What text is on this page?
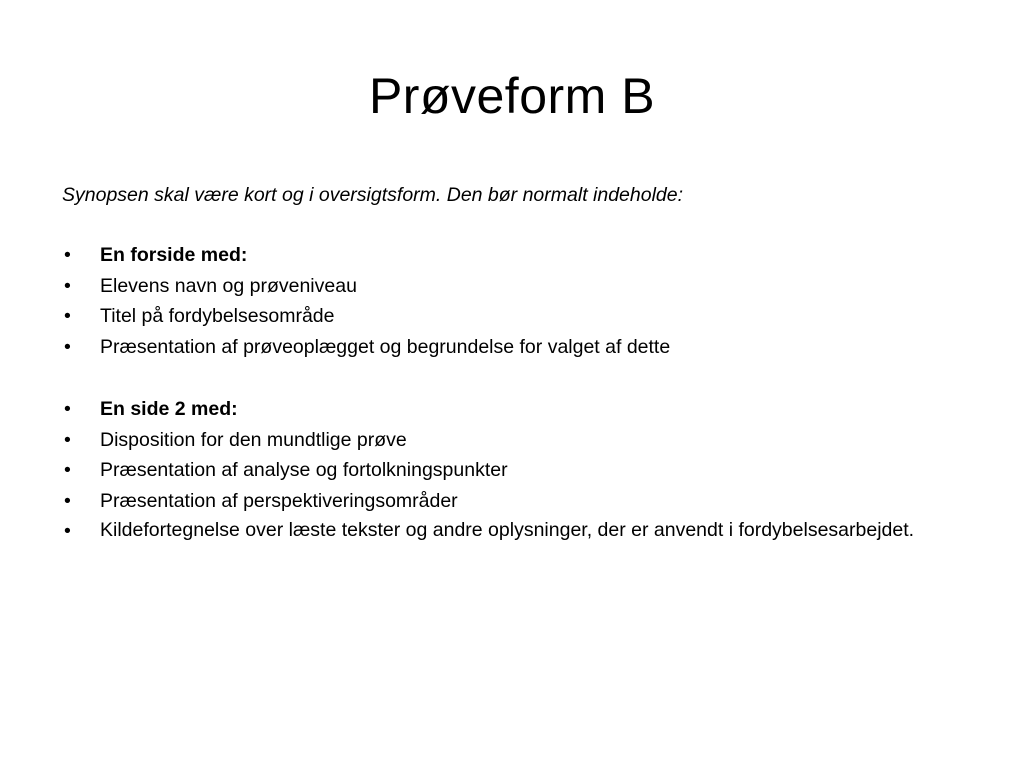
Prøveform B

Synopsen skal være kort og i oversigtsform. Den bør normalt indeholde:

•	En forside med:
•	Elevens navn og prøveniveau
•	Titel på fordybelsesområde
•	Præsentation af prøveoplægget og begrundelse for valget af dette
•	En side 2 med:
•	Disposition for den mundtlige prøve
•	Præsentation af analyse og fortolkningspunkter
•	Præsentation af perspektiveringsområder
•	Kildefortegnelse over læste tekster og andre oplysninger, der er anvendt i fordybelsesarbejdet.
